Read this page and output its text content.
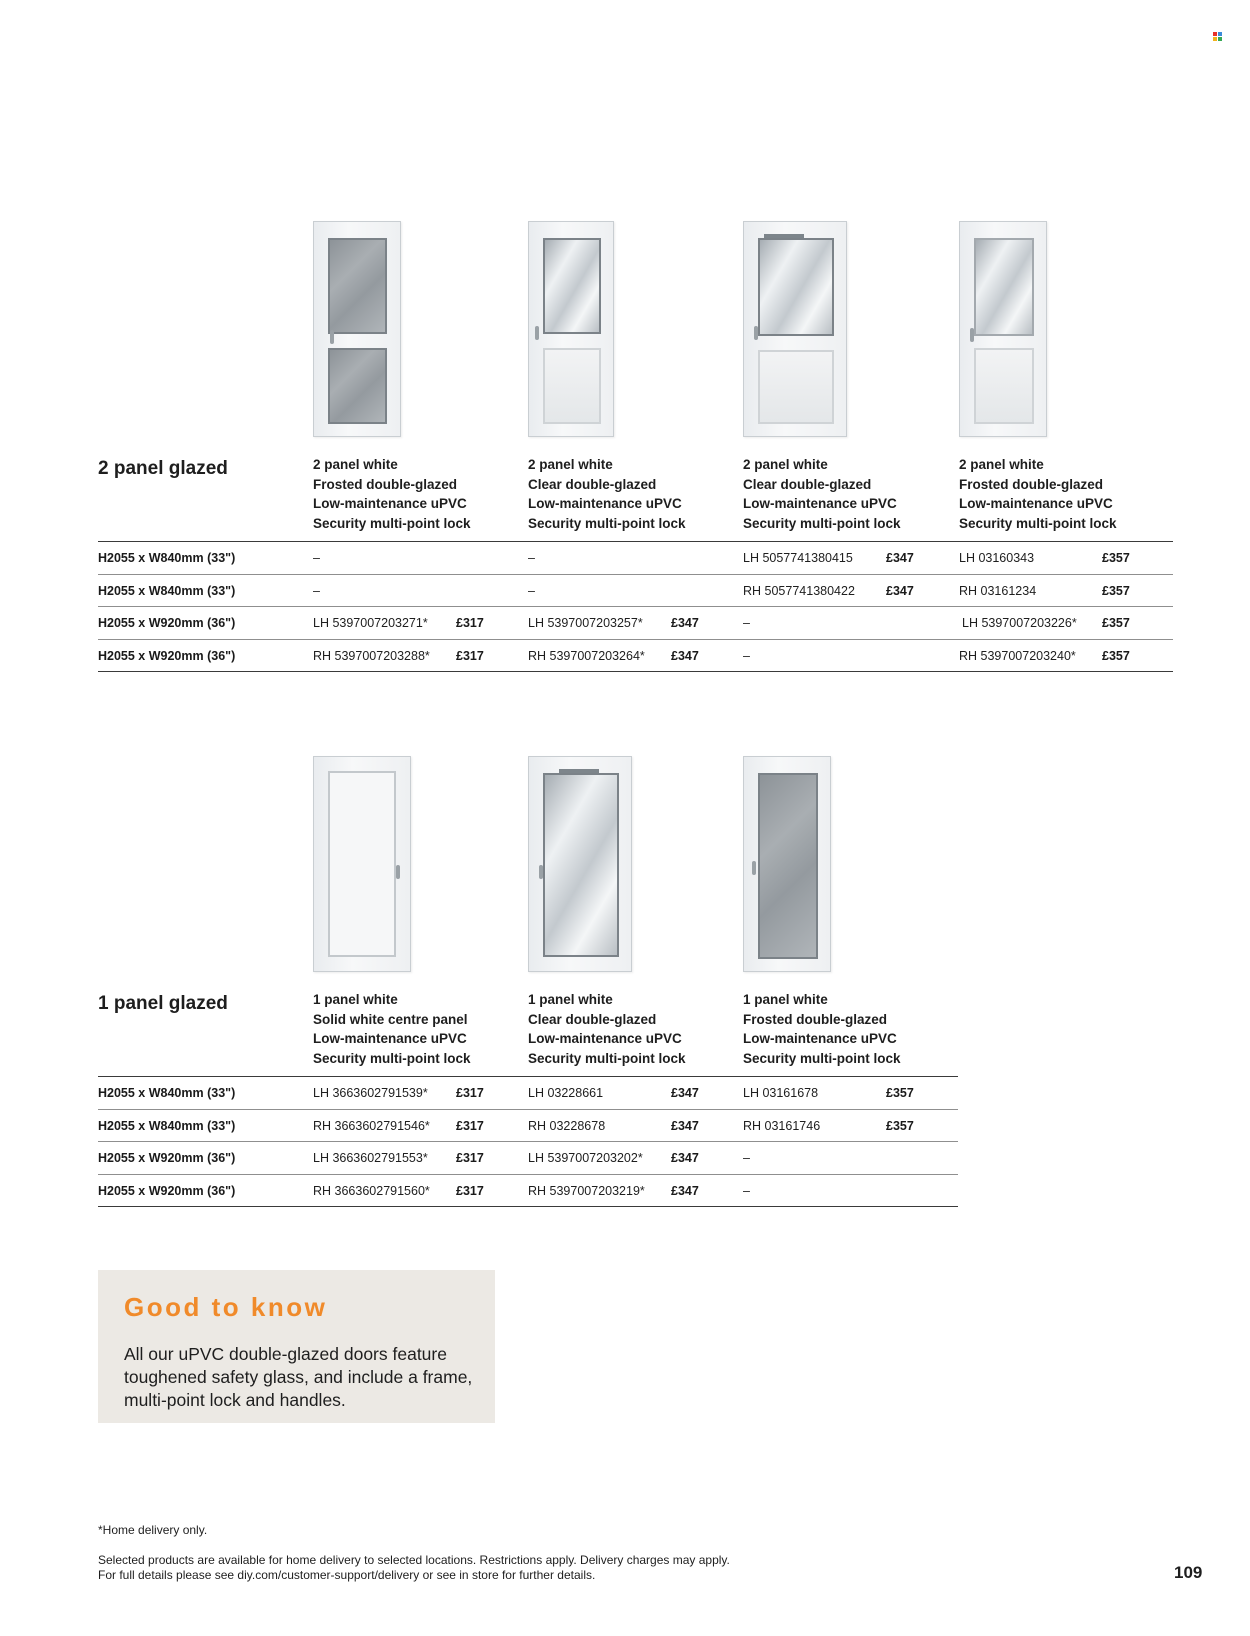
2 panel glazed	2 panel white
Frosted double-glazed
Low-maintenance uPVC
Security multi-point lock
2 panel white
Clear double-glazed
Low-maintenance uPVC
Security multi-point lock
2 panel white
Clear double-glazed
Low-maintenance uPVC
Security multi-point lock
2 panel white
Frosted double-glazed
Low-maintenance uPVC
Security multi-point lock
H2055 x W840mm (33")	–	–	LH 5057741380415	£347	LH 03160343	£357
H2055 x W840mm (33")	–	–	RH 5057741380422 £347	RH 03161234	£357
H2055 x W920mm (36")	LH 5397007203271* £317	LH 5397007203257* £347	–	LH 5397007203226* £357
H2055 x W920mm (36")	RH 5397007203288* £317	RH 5397007203264* £347	–	RH 5397007203240* £357
1 panel glazed	1 panel white
Solid white centre panel
Low-maintenance uPVC
Security multi-point lock
1 panel white
Clear double-glazed
Low-maintenance uPVC
Security multi-point lock
1 panel white
Frosted double-glazed
Low-maintenance uPVC
Security multi-point lock
H2055 x W840mm (33")	LH 3663602791539* £317	LH 03228661	£347	LH 03161678	£357
H2055 x W840mm (33")	RH 3663602791546* £317	RH 03228678	£347	RH 03161746	£357
H2055 x W920mm (36")	LH 3663602791553* £317	LH 5397007203202* £347	–
H2055 x W920mm (36")	RH 3663602791560* £317	RH 5397007203219* £347	–
Good to know
All our uPVC double-glazed doors feature toughened safety glass, and include a frame, multi-point lock and handles.
*Home delivery only.
Selected products are available for home delivery to selected locations. Restrictions apply. Delivery charges may apply.
For full details please see diy.com/customer-support/delivery or see in store for further details.	109
